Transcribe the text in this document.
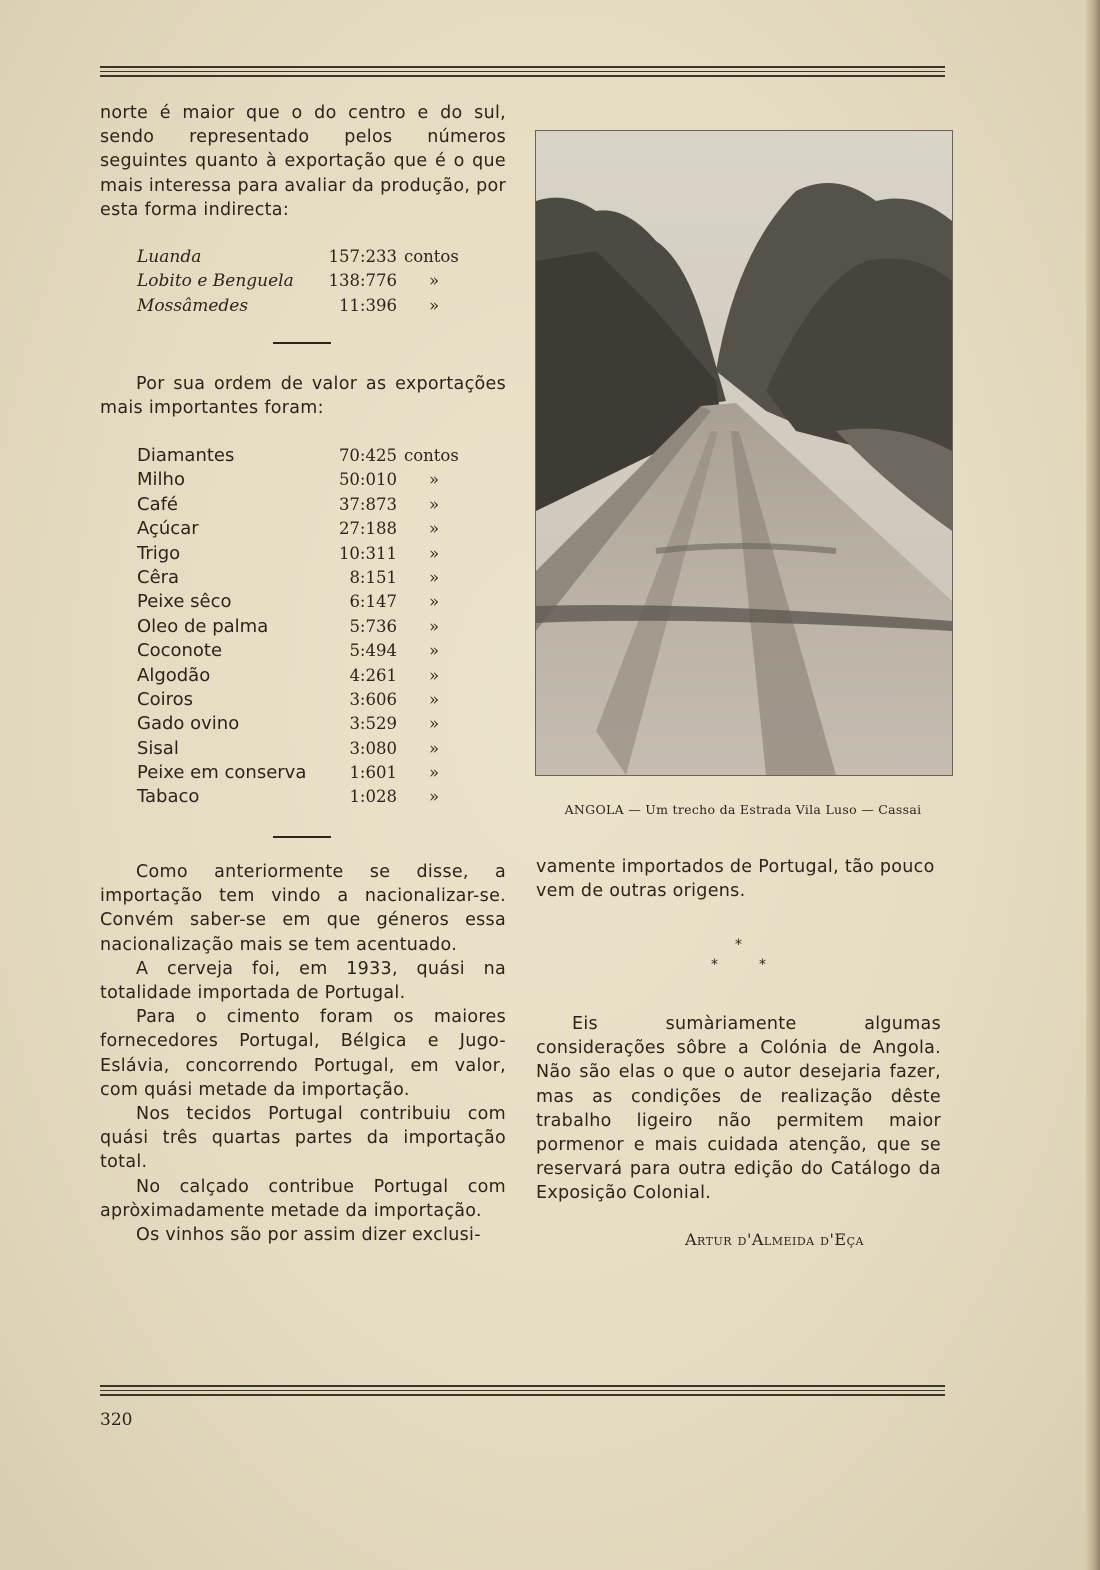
norte é maior que o do centro e do sul, sendo representado pelos números seguintes quanto à exportação que é o que mais interessa para avaliar da produção, por esta forma indirecta:

Luanda	157:233 contos
Lobito e Benguela 138:776 »
Mossâmedes	11:396 »

Por sua ordem de valor as exportações mais importantes foram:

Diamantes	70:425 contos
Milho	50:010 »
Café	37:873 »
Açúcar	27:188 »
Trigo	10:311 »
Cêra	8:151 »
Peixe sêco	6:147 »
Oleo de palma	5:736 »
Coconote	5:494 »
Algodão	4:261 »
Coiros	3:606 »
Gado ovino	3:529 »
Sisal	3:080 »
Peixe em conserva	1:601 »
Tabaco	1:028 »

Como anteriormente se disse, a importação tem vindo a nacionalizar-se. Convém saber-se em que géneros essa nacionalização mais se tem acentuado.

A cerveja foi, em 1933, quási na totalidade importada de Portugal.

Para o cimento foram os maiores fornecedores Portugal, Bélgica e Jugo-Eslávia, concorrendo Portugal, em valor, com quási metade da importação.

Nos tecidos Portugal contribuiu com quási três quartas partes da importação total.

No calçado contribue Portugal com apròximadamente metade da importação.

Os vinhos são por assim dizer exclusi-

ANGOLA — Um trecho da Estrada Vila Luso — Cassai

vamente importados de Portugal, tão pouco vem de outras origens.

*
*	*

Eis sumàriamente algumas considerações sôbre a Colónia de Angola. Não são elas o que o autor desejaria fazer, mas as condições de realização dêste trabalho ligeiro não permitem maior pormenor e mais cuidada atenção, que se reservará para outra edição do Catálogo da Exposição Colonial.

Artur d'Almeida d'Eça
320
